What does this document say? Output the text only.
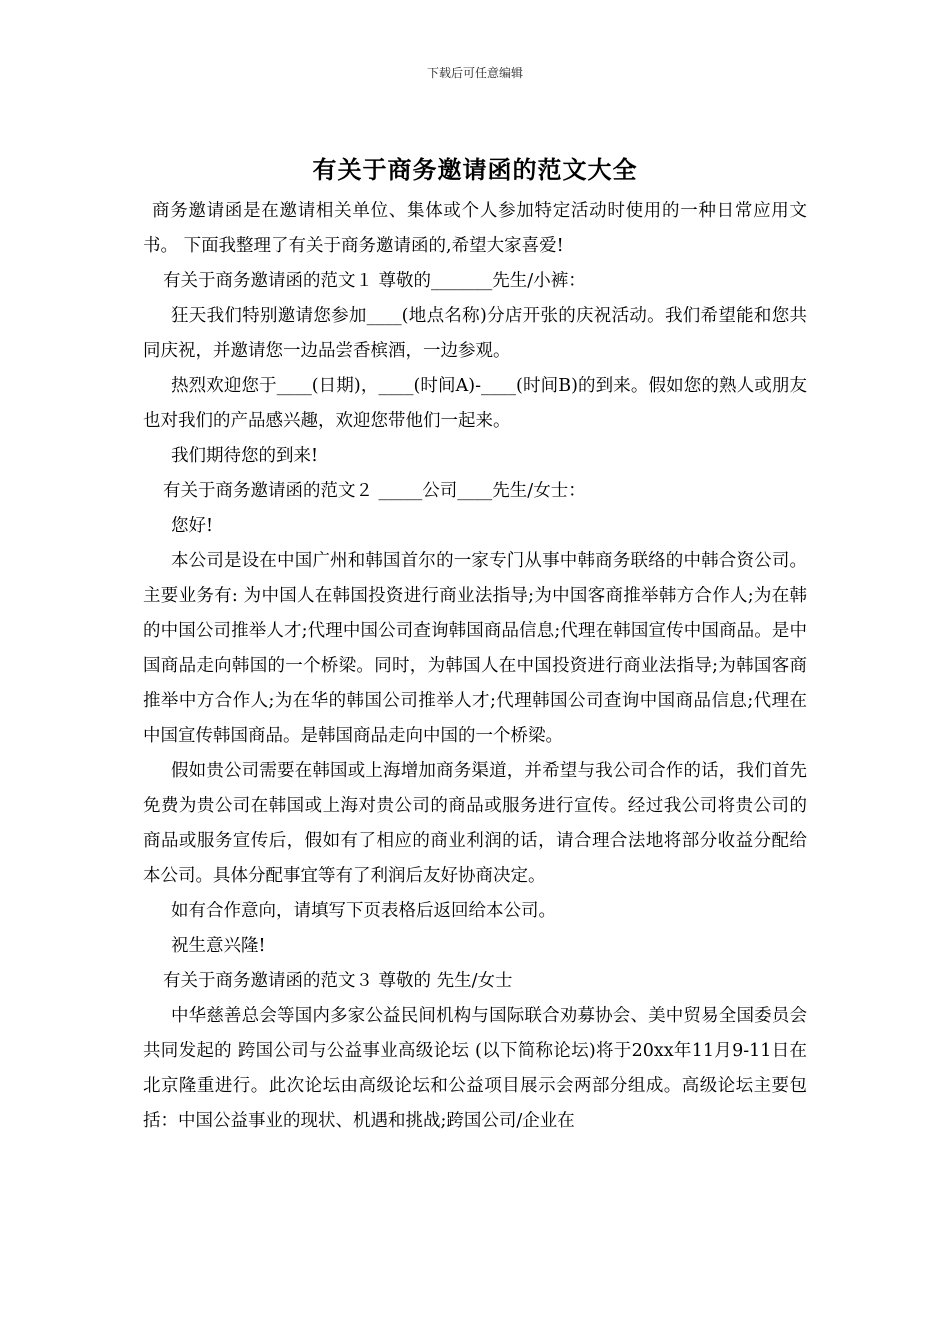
下载后可任意编辑
有关于商务邀请函的范文大全

商务邀请函是在邀请相关单位、集体或个人参加特定活动时使用的一种日常应用文书。 下面我整理了有关于商务邀请函的,希望大家喜爱!

有关于商务邀请函的范文１ 尊敬的_______先生/小裤：

狂天我们特别邀请您参加____(地点名称)分店开张的庆祝活动。我们希望能和您共同庆祝，并邀请您一边品尝香槟酒，一边参观。

热烈欢迎您于____(日期)，____(时间A)-____(时间B)的到来。假如您的熟人或朋友也对我们的产品感兴趣，欢迎您带他们一起来。

我们期待您的到来!

有关于商务邀请函的范文２ _____公司____先生/女士：

您好!

本公司是设在中国广州和韩国首尔的一家专门从事中韩商务联络的中韩合资公司。主要业务有: 为中国人在韩国投资进行商业法指导;为中国客商推举韩方合作人;为在韩的中国公司推举人才;代理中国公司查询韩国商品信息;代理在韩国宣传中国商品。是中国商品走向韩国的一个桥梁。同时，为韩国人在中国投资进行商业法指导;为韩国客商推举中方合作人;为在华的韩国公司推举人才;代理韩国公司查询中国商品信息;代理在中国宣传韩国商品。是韩国商品走向中国的一个桥梁。

假如贵公司需要在韩国或上海增加商务渠道，并希望与我公司合作的话，我们首先免费为贵公司在韩国或上海对贵公司的商品或服务进行宣传。经过我公司将贵公司的商品或服务宣传后，假如有了相应的商业利润的话，请合理合法地将部分收益分配给本公司。具体分配事宜等有了利润后友好协商决定。

如有合作意向，请填写下页表格后返回给本公司。

祝生意兴隆!

有关于商务邀请函的范文３ 尊敬的 先生/女士

中华慈善总会等国内多家公益民间机构与国际联合劝募协会、美中贸易全国委员会共同发起的 跨国公司与公益事业高级论坛 (以下简称论坛)将于20xx年11月9-11日在北京隆重进行。此次论坛由高级论坛和公益项目展示会两部分组成。高级论坛主要包括：中国公益事业的现状、机遇和挑战;跨国公司/企业在
